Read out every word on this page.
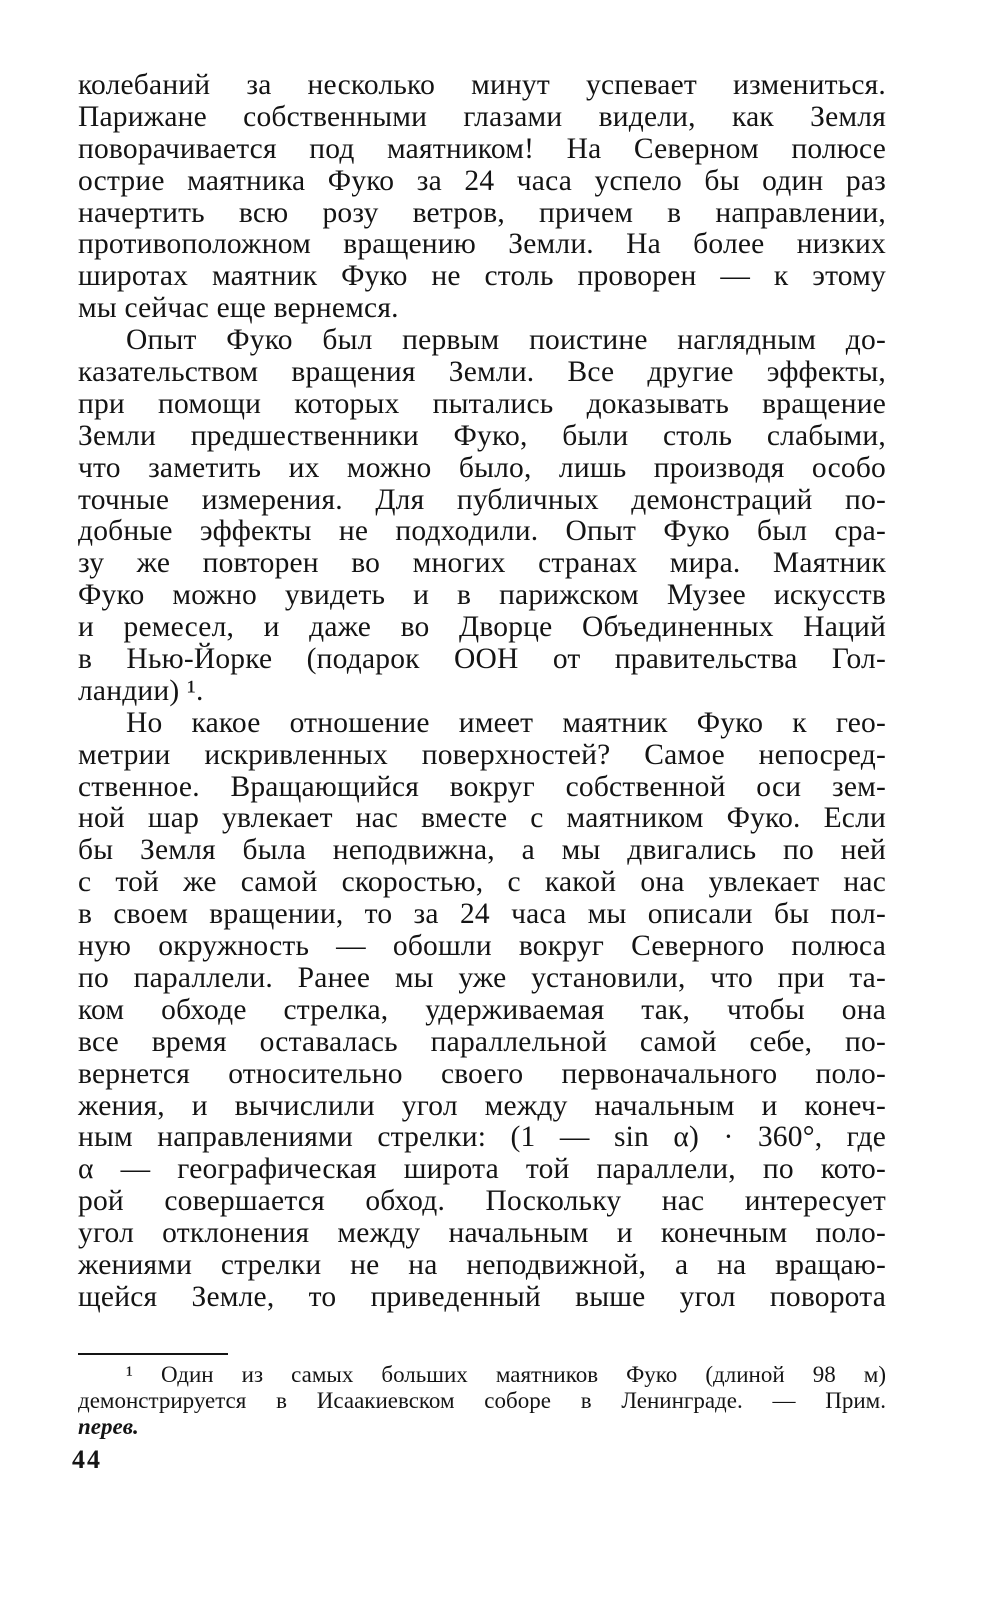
колебаний за несколько минут успевает измениться.
Парижане собственными глазами видели, как Земля
поворачивается под маятником! На Северном полюсе
острие маятника Фуко за 24 часа успело бы один раз
начертить всю розу ветров, причем в направлении,
противоположном вращению Земли. На более низких
широтах маятник Фуко не столь проворен — к этому
мы сейчас еще вернемся.
Опыт Фуко был первым поистине наглядным до-
казательством вращения Земли. Все другие эффекты,
при помощи которых пытались доказывать вращение
Земли предшественники Фуко, были столь слабыми,
что заметить их можно было, лишь производя особо
точные измерения. Для публичных демонстраций по-
добные эффекты не подходили. Опыт Фуко был сра-
зу же повторен во многих странах мира. Маятник
Фуко можно увидеть и в парижском Музее искусств
и ремесел, и даже во Дворце Объединенных Наций
в Нью-Йорке (подарок ООН от правительства Гол-
ландии) ¹.
Но какое отношение имеет маятник Фуко к гео-
метрии искривленных поверхностей? Самое непосред-
ственное. Вращающийся вокруг собственной оси зем-
ной шар увлекает нас вместе с маятником Фуко. Если
бы Земля была неподвижна, а мы двигались по ней
с той же самой скоростью, с какой она увлекает нас
в своем вращении, то за 24 часа мы описали бы пол-
ную окружность — обошли вокруг Северного полюса
по параллели. Ранее мы уже установили, что при та-
ком обходе стрелка, удерживаемая так, чтобы она
все время оставалась параллельной самой себе, по-
вернется относительно своего первоначального поло-
жения, и вычислили угол между начальным и конеч-
ным направлениями стрелки: (1 — sin α) · 360°, где
α — географическая широта той параллели, по кото-
рой совершается обход. Поскольку нас интересует
угол отклонения между начальным и конечным поло-
жениями стрелки не на неподвижной, а на вращаю-
щейся Земле, то приведенный выше угол поворота
¹ Один из самых больших маятников Фуко (длиной 98 м)
демонстрируется в Исаакиевском соборе в Ленинграде. — Прим.
перев.
44
